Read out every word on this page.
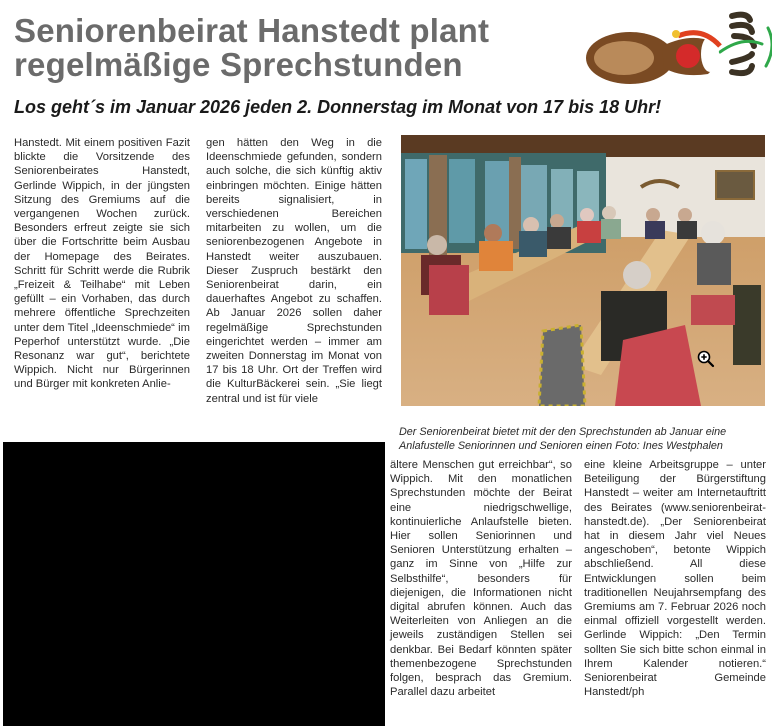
Seniorenbeirat Hanstedt plant
regelmäßige Sprechstunden

Los geht´s im Januar 2026 jeden 2. Donnerstag im Monat von 17 bis 18 Uhr!

Hanstedt. Mit einem positiven Fazit blickte die Vorsitzende des Seniorenbeirates Hanstedt, Gerlinde Wippich, in der jüngsten Sitzung des Gremiums auf die vergangenen Wochen zurück. Besonders erfreut zeigte sie sich über die Fortschritte beim Ausbau der Homepage des Beirates. Schritt für Schritt werde die Rubrik „Freizeit & Teilhabe“ mit Leben gefüllt – ein Vorhaben, das durch mehrere öffentliche Sprechzeiten unter dem Titel „Ideenschmiede“ im Peperhof unterstützt wurde. „Die Resonanz war gut“, berichtete Wippich. Nicht nur Bürgerinnen und Bürger mit konkreten Anlie-

gen hätten den Weg in die Ideenschmiede gefunden, sondern auch solche, die sich künftig aktiv einbringen möchten. Einige hätten bereits signalisiert, in verschiedenen Bereichen mitarbeiten zu wollen, um die seniorenbezogenen Angebote in Hanstedt weiter auszubauen. Dieser Zuspruch bestärkt den Seniorenbeirat darin, ein dauerhaftes Angebot zu schaffen. Ab Januar 2026 sollen daher regelmäßige Sprechstunden eingerichtet werden – immer am zweiten Donnerstag im Monat von 17 bis 18 Uhr. Ort der Treffen wird die KulturBäckerei sein. „Sie liegt zentral und ist für viele

Der Seniorenbeirat bietet mit der den Sprechstunden ab Januar eine Anlafustelle Seniorinnen und Senioren einen Foto: Ines Westphalen

ältere Menschen gut erreichbar“, so Wippich. Mit den monatlichen Sprechstunden möchte der Beirat eine niedrigschwellige, kontinuierliche Anlaufstelle bieten. Hier sollen Seniorinnen und Senioren Unterstützung erhalten – ganz im Sinne von „Hilfe zur Selbsthilfe“, besonders für diejenigen, die Informationen nicht digital abrufen können. Auch das Weiterleiten von Anliegen an die jeweils zuständigen Stellen sei denkbar. Bei Bedarf könnten später themenbezogene Sprechstunden folgen, besprach das Gremium. Parallel dazu arbeitet

eine kleine Arbeitsgruppe – unter Beteiligung der Bürgerstiftung Hanstedt – weiter am Internetauftritt des Beirates (www.seniorenbeirat-hanstedt.de). „Der Seniorenbeirat hat in diesem Jahr viel Neues angeschoben“, betonte Wippich abschließend. All diese Entwicklungen sollen beim traditionellen Neujahrsempfang des Gremiums am 7. Februar 2026 noch einmal offiziell vorgestellt werden. Gerlinde Wippich: „Den Termin sollten Sie sich bitte schon einmal in Ihrem Kalender notieren.“ Seniorenbeirat Gemeinde Hanstedt/ph
